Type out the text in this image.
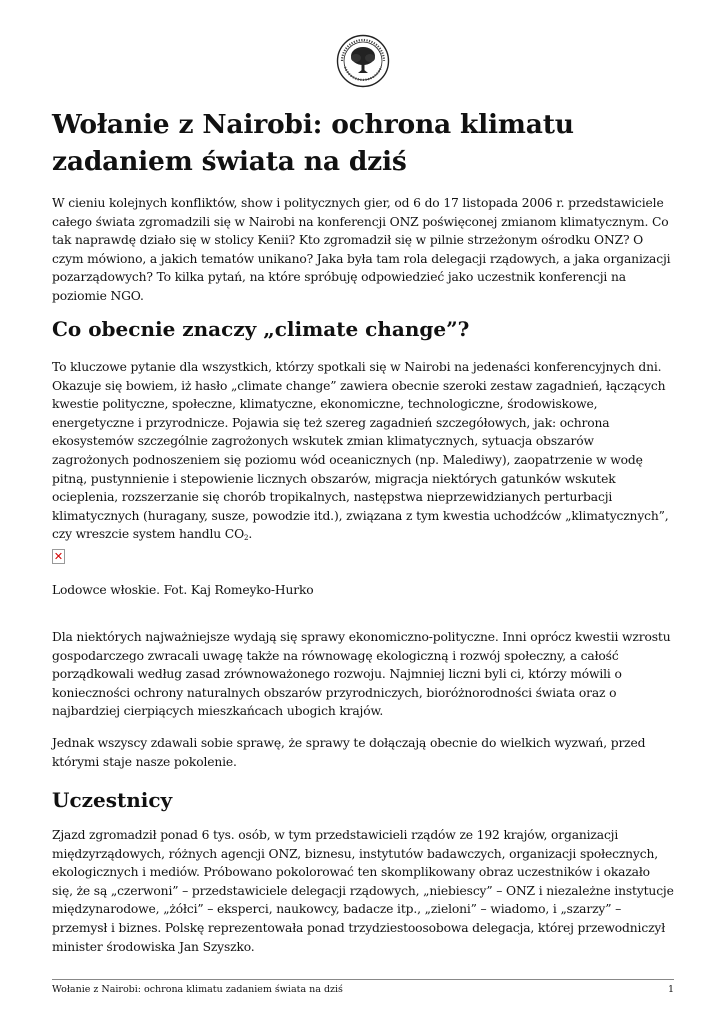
Wołanie z Nairobi: ochrona klimatu zadaniem świata na dziś

W cieniu kolejnych konfliktów, show i politycznych gier, od 6 do 17 listopada 2006 r. przedstawiciele całego świata zgromadzili się w Nairobi na konferencji ONZ poświęconej zmianom klimatycznym. Co tak naprawdę działo się w stolicy Kenii? Kto zgromadził się w pilnie strzeżonym ośrodku ONZ? O czym mówiono, a jakich tematów unikano? Jaka była tam rola delegacji rządowych, a jaka organizacji pozarządowych? To kilka pytań, na które spróbuję odpowiedzieć jako uczestnik konferencji na poziomie NGO.

Co obecnie znaczy „climate change”?

To kluczowe pytanie dla wszystkich, którzy spotkali się w Nairobi na jedenaści konferencyjnych dni. Okazuje się bowiem, iż hasło „climate change” zawiera obecnie szeroki zestaw zagadnień, łączących kwestie polityczne, społeczne, klimatyczne, ekonomiczne, technologiczne, środowiskowe, energetyczne i przyrodnicze. Pojawia się też szereg zagadnień szczegółowych, jak: ochrona ekosystemów szczególnie zagrożonych wskutek zmian klimatycznych, sytuacja obszarów zagrożonych podnoszeniem się poziomu wód oceanicznych (np. Malediwy), zaopatrzenie w wodę pitną, pustynnienie i stepowienie licznych obszarów, migracja niektórych gatunków wskutek ocieplenia, rozszerzanie się chorób tropikalnych, następstwa nieprzewidzianych perturbacji klimatycznych (huragany, susze, powodzie itd.), związana z tym kwestia uchodźców „klimatycznych”, czy wreszcie system handlu $CO_2$.

✕

Lodowce włoskie. Fot. Kaj Romeyko-Hurko

Dla niektórych najważniejsze wydają się sprawy ekonomiczno-polityczne. Inni oprócz kwestii wzrostu gospodarczego zwracali uwagę także na równowagę ekologiczną i rozwój społeczny, a całość porządkowali według zasad zrównoważonego rozwoju. Najmniej liczni byli ci, którzy mówili o konieczności ochrony naturalnych obszarów przyrodniczych, bioróżnorodności świata oraz o najbardziej cierpiących mieszkańcach ubogich krajów.

Jednak wszyscy zdawali sobie sprawę, że sprawy te dołączają obecnie do wielkich wyzwań, przed którymi staje nasze pokolenie.

Uczestnicy

Zjazd zgromadził ponad 6 tys. osób, w tym przedstawicieli rządów ze 192 krajów, organizacji międzyrządowych, różnych agencji ONZ, biznesu, instytutów badawczych, organizacji społecznych, ekologicznych i mediów. Próbowano pokolorować ten skomplikowany obraz uczestników i okazało się, że są „czerwoni” – przedstawiciele delegacji rządowych, „niebiescy” – ONZ i niezależne instytucje międzynarodowe, „żółci” – eksperci, naukowcy, badacze itp., „zieloni” – wiadomo, i „szarzy” – przemysł i biznes. Polskę reprezentowała ponad trzydziestoosobowa delegacja, której przewodniczył minister środowiska Jan Szyszko.

Wołanie z Nairobi: ochrona klimatu zadaniem świata na dziś	1
